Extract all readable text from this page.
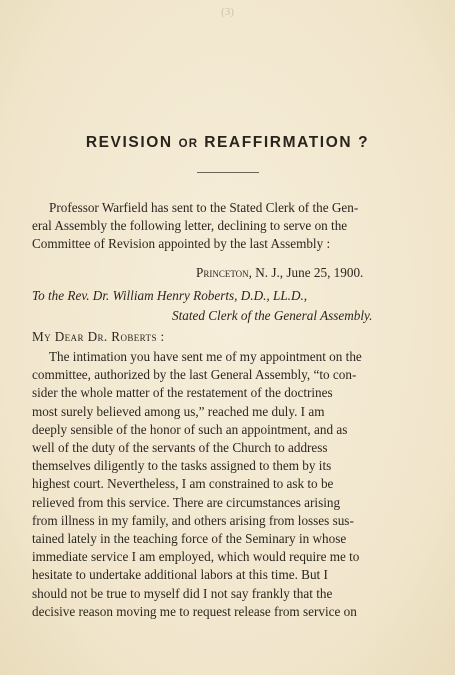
(3)
REVISION OR REAFFIRMATION ?
Professor Warfield has sent to the Stated Clerk of the Gen-
eral Assembly the following letter, declining to serve on the
Committee of Revision appointed by the last Assembly :
Princeton, N. J., June 25, 1900.
To the Rev. Dr. William Henry Roberts, D.D., LL.D.,
Stated Clerk of the General Assembly.
My Dear Dr. Roberts :
The intimation you have sent me of my appointment on the
committee, authorized by the last General Assembly, “to con-
sider the whole matter of the restatement of the doctrines
most surely believed among us,” reached me duly. I am
deeply sensible of the honor of such an appointment, and as
well of the duty of the servants of the Church to address
themselves diligently to the tasks assigned to them by its
highest court. Nevertheless, I am constrained to ask to be
relieved from this service. There are circumstances arising
from illness in my family, and others arising from losses sus-
tained lately in the teaching force of the Seminary in whose
immediate service I am employed, which would require me to
hesitate to undertake additional labors at this time. But I
should not be true to myself did I not say frankly that the
decisive reason moving me to request release from service on
